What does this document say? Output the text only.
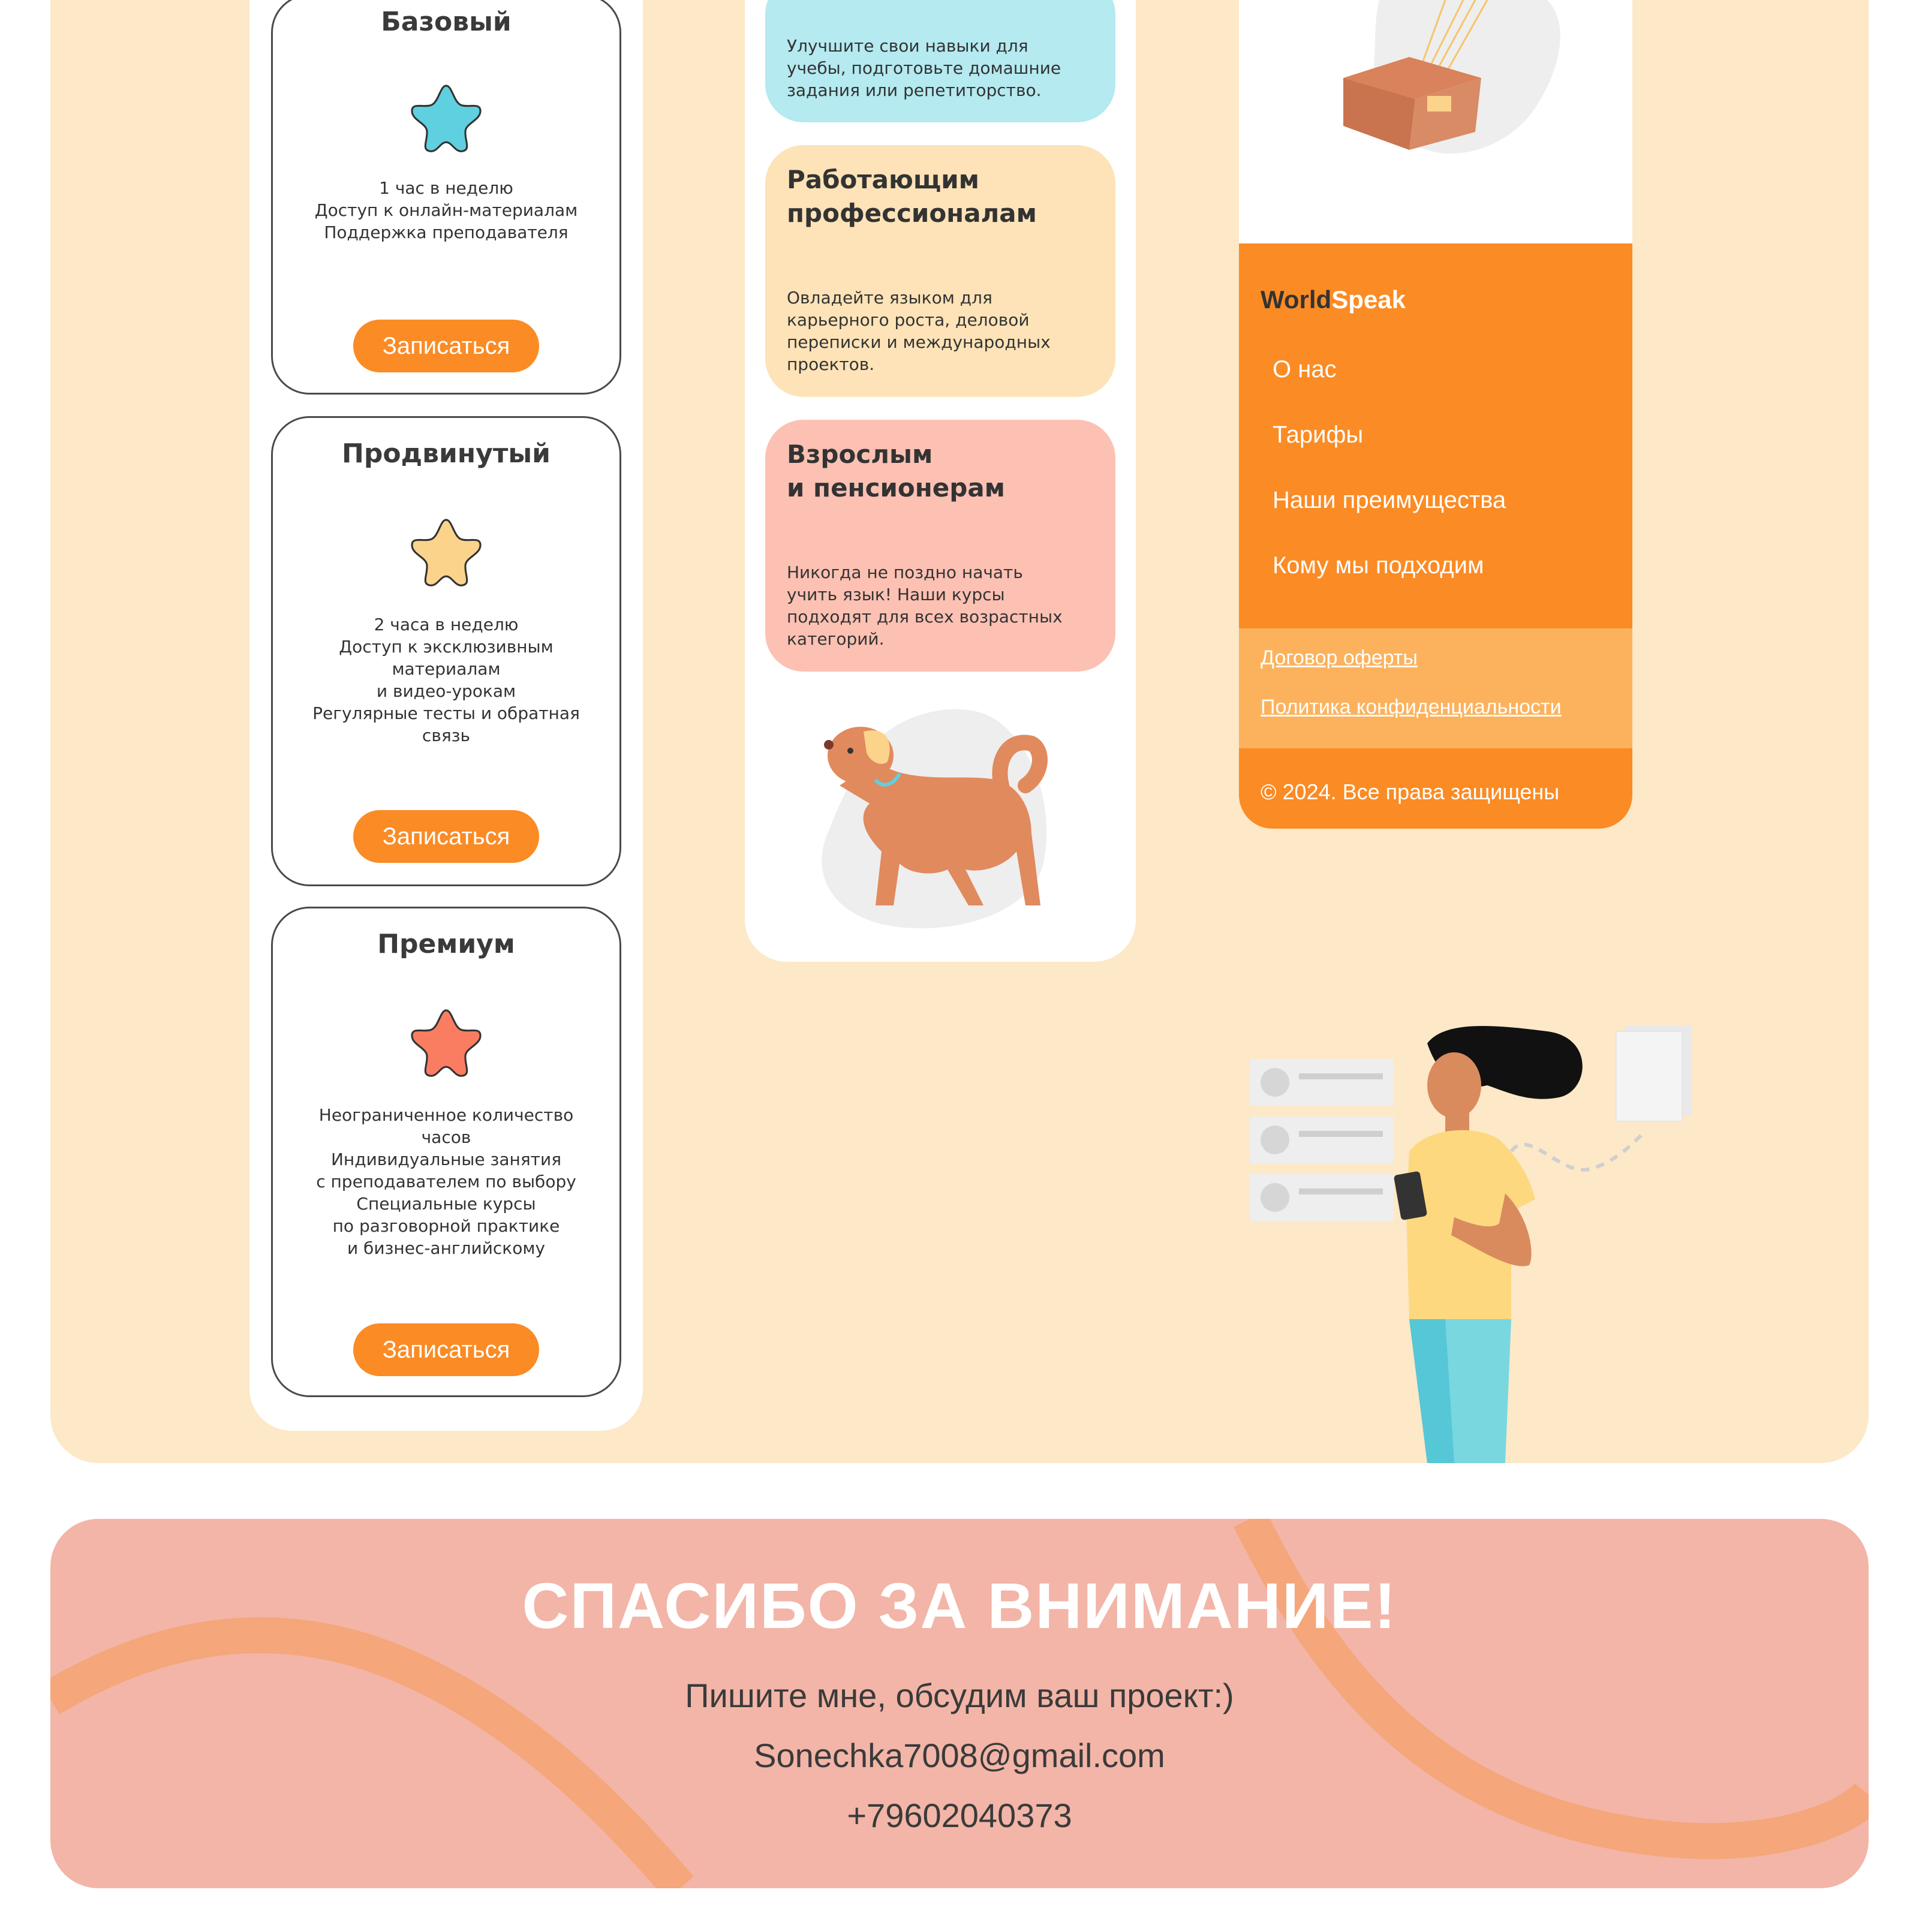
Базовый
1 час в неделю
Доступ к онлайн-материалам
Поддержка преподавателя
Записаться
Продвинутый
2 часа в неделю
Доступ к эксклюзивным
материалам
и видео-урокам
Регулярные тесты и обратная
связь
Записаться
Премиум
Неограниченное количество
часов
Индивидуальные занятия
с преподавателем по выбору
Специальные курсы
по разговорной практике
и бизнес-английскому
Записаться
Улучшите свои навыки для
учебы, подготовьте домашние
задания или репетиторство.
Работающим
профессионалам
Овладейте языком для
карьерного роста, деловой
переписки и международных
проектов.
Взрослым
и пенсионерам
Никогда не поздно начать
учить язык! Наши курсы
подходят для всех возрастных
категорий.
WorldSpeak
О нас
Тарифы
Наши преимущества
Кому мы подходим
Договор оферты
Политика конфиденциальности
© 2024. Все права защищены
СПАСИБО ЗА ВНИМАНИЕ!
Пишите мне, обсудим ваш проект:)
Sonechka7008@gmail.com
+79602040373
